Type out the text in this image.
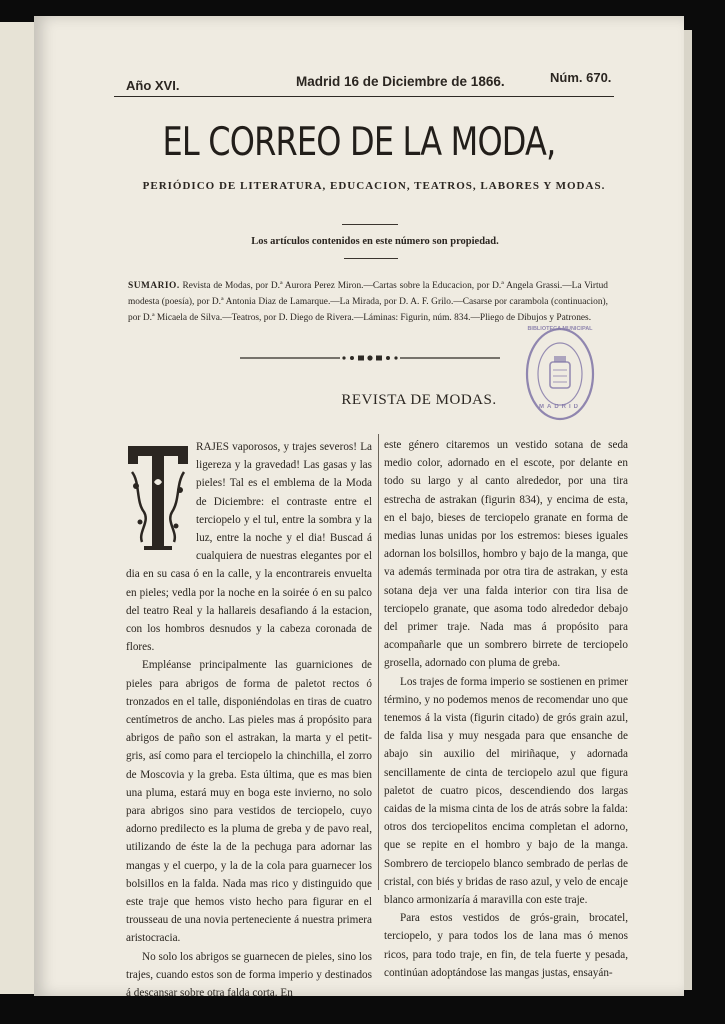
Año XVI.	Madrid 16 de Diciembre de 1866.	Núm. 670.
EL CORREO DE LA MODA,
PERIÓDICO DE LITERATURA, EDUCACION, TEATROS, LABORES Y MODAS.
Los artículos contenidos en este número son propiedad.
SUMARIO. Revista de Modas, por D.ª Aurora Perez Miron.—Cartas sobre la Educacion, por D.ª Angela Grassi.—La Virtud modesta (poesía), por D.ª Antonia Diaz de Lamarque.—La Mirada, por D. A. F. Grilo.—Casarse por carambola (continuacion), por D.ª Micaela de Silva.—Teatros, por D. Diego de Rivera.—Láminas: Figurin, núm. 834.—Pliego de Dibujos y Patrones.
BIBLIOTECA MUNICIPAL
MADRID
REVISTA DE MODAS.

RAJES vaporosos, y trajes severos! La ligereza y la gravedad! Las gasas y las pieles! Tal es el emblema de la Moda de Diciembre: el contraste entre el terciopelo y el tul, entre la sombra y la luz, entre la noche y el dia! Buscad á cualquiera de nuestras elegantes por el dia en su casa ó en la calle, y la encontrareis envuelta en pieles; vedla por la noche en la soirée ó en su palco del teatro Real y la hallareis desafiando á la estacion, con los hombros desnudos y la cabeza coronada de flores.

Empléanse principalmente las guarniciones de pieles para abrigos de forma de paletot rectos ó tronzados en el talle, disponiéndolas en tiras de cuatro centímetros de ancho. Las pieles mas á propósito para abrigos de paño son el astrakan, la marta y el petit-gris, así como para el terciopelo la chinchilla, el zorro de Moscovia y la greba. Esta última, que es mas bien una pluma, estará muy en boga este invierno, no solo para abrigos sino para vestidos de terciopelo, cuyo adorno predilecto es la pluma de greba y de pavo real, utilizando de éste la de la pechuga para adornar las mangas y el cuerpo, y la de la cola para guarnecer los bolsillos en la falda. Nada mas rico y distinguido que este traje que hemos visto hecho para figurar en el trousseau de una novia perteneciente á nuestra primera aristocracia.

No solo los abrigos se guarnecen de pieles, sino los trajes, cuando estos son de forma imperio y destinados á descansar sobre otra falda corta. En

este género citaremos un vestido sotana de seda medio color, adornado en el escote, por delante en todo su largo y al canto alrededor, por una tira estrecha de astrakan (figurin 834), y encima de esta, en el bajo, bieses de terciopelo granate en forma de medias lunas unidas por los estremos: bieses iguales adornan los bolsillos, hombro y bajo de la manga, que va además terminada por otra tira de astrakan, y esta sotana deja ver una falda interior con tira lisa de terciopelo granate, que asoma todo alrededor debajo del primer traje. Nada mas á propósito para acompañarle que un sombrero birrete de terciopelo grosella, adornado con pluma de greba.

Los trajes de forma imperio se sostienen en primer término, y no podemos menos de recomendar uno que tenemos á la vista (figurin citado) de grós grain azul, de falda lisa y muy nesgada para que ensanche de abajo sin auxilio del miriñaque, y adornada sencillamente de cinta de terciopelo azul que figura paletot de cuatro picos, descendiendo dos largas caidas de la misma cinta de los de atrás sobre la falda: otros dos terciopelitos encima completan el adorno, que se repite en el hombro y bajo de la manga. Sombrero de terciopelo blanco sembrado de perlas de cristal, con biés y bridas de raso azul, y velo de encaje blanco armonizaría á maravilla con este traje.

Para estos vestidos de grós-grain, brocatel, terciopelo, y para todos los de lana mas ó menos ricos, para todo traje, en fin, de tela fuerte y pesada, continúan adoptándose las mangas justas, ensayán-
